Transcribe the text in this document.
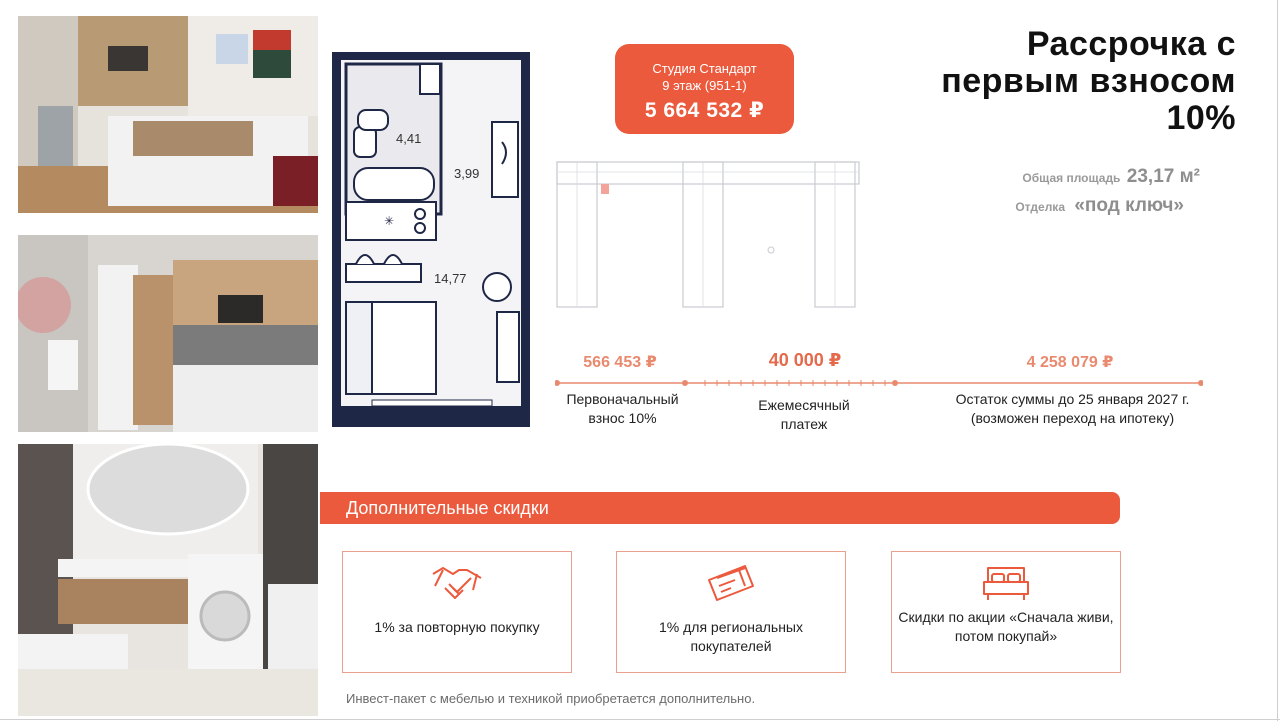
✳
4,41
3,99
14,77
Студия Стандарт
9 этаж (951-1)
5 664 532 ₽
Рассрочка с
первым взносом
10%
Общая площадь 23,17 м²
Отделка «под ключ»
566 453 ₽	40 000 ₽	4 258 079 ₽
Первоначальный взнос 10%
Ежемесячный платеж
Остаток суммы до 25 января 2027 г. (возможен переход на ипотеку)
Дополнительные скидки
1% за повторную покупку	1% для региональных покупателей
Скидки по акции «Сначала живи, потом покупай»
Инвест-пакет с мебелью и техникой приобретается дополнительно.
